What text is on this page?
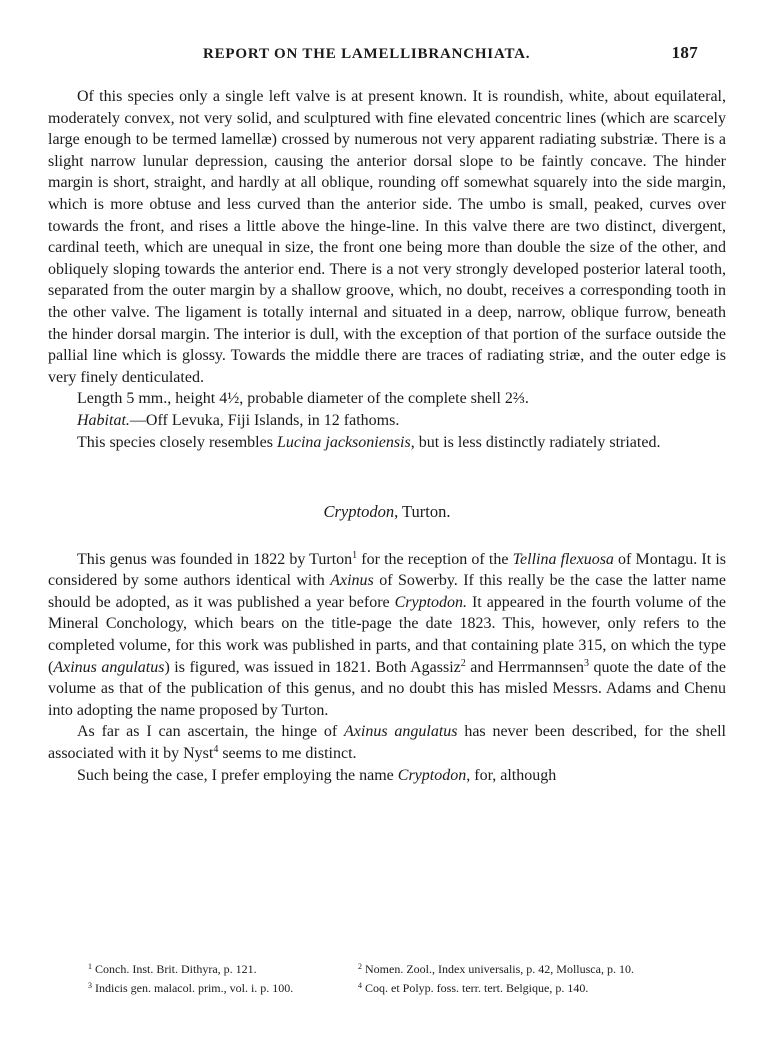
REPORT ON THE LAMELLIBRANCHIATA.	187

Of this species only a single left valve is at present known. It is roundish, white, about equilateral, moderately convex, not very solid, and sculptured with fine elevated concentric lines (which are scarcely large enough to be termed lamellæ) crossed by numerous not very apparent radiating substriæ. There is a slight narrow lunular depression, causing the anterior dorsal slope to be faintly concave. The hinder margin is short, straight, and hardly at all oblique, rounding off somewhat squarely into the side margin, which is more obtuse and less curved than the anterior side. The umbo is small, peaked, curves over towards the front, and rises a little above the hinge-line. In this valve there are two distinct, divergent, cardinal teeth, which are unequal in size, the front one being more than double the size of the other, and obliquely sloping towards the anterior end. There is a not very strongly developed posterior lateral tooth, separated from the outer margin by a shallow groove, which, no doubt, receives a corresponding tooth in the other valve. The ligament is totally internal and situated in a deep, narrow, oblique furrow, beneath the hinder dorsal margin. The interior is dull, with the exception of that portion of the surface outside the pallial line which is glossy. Towards the middle there are traces of radiating striæ, and the outer edge is very finely denticulated.

Length 5 mm., height 4½, probable diameter of the complete shell 2⅔.

Habitat.—Off Levuka, Fiji Islands, in 12 fathoms.

This species closely resembles Lucina jacksoniensis, but is less distinctly radiately striated.

Cryptodon, Turton.

This genus was founded in 1822 by Turton$^1$ for the reception of the Tellina flexuosa of Montagu. It is considered by some authors identical with Axinus of Sowerby. If this really be the case the latter name should be adopted, as it was published a year before Cryptodon. It appeared in the fourth volume of the Mineral Conchology, which bears on the title-page the date 1823. This, however, only refers to the completed volume, for this work was published in parts, and that containing plate 315, on which the type (Axinus angulatus) is figured, was issued in 1821. Both Agassiz$^2$ and Herrmannsen$^3$ quote the date of the volume as that of the publication of this genus, and no doubt this has misled Messrs. Adams and Chenu into adopting the name proposed by Turton.

As far as I can ascertain, the hinge of Axinus angulatus has never been described, for the shell associated with it by Nyst$^4$ seems to me distinct.

Such being the case, I prefer employing the name Cryptodon, for, although

$^1$ Conch. Inst. Brit. Dithyra, p. 121.	$^2$ Nomen. Zool., Index universalis, p. 42, Mollusca, p. 10.
$^3$ Indicis gen. malacol. prim., vol. i. p. 100.	$^4$ Coq. et Polyp. foss. terr. tert. Belgique, p. 140.
